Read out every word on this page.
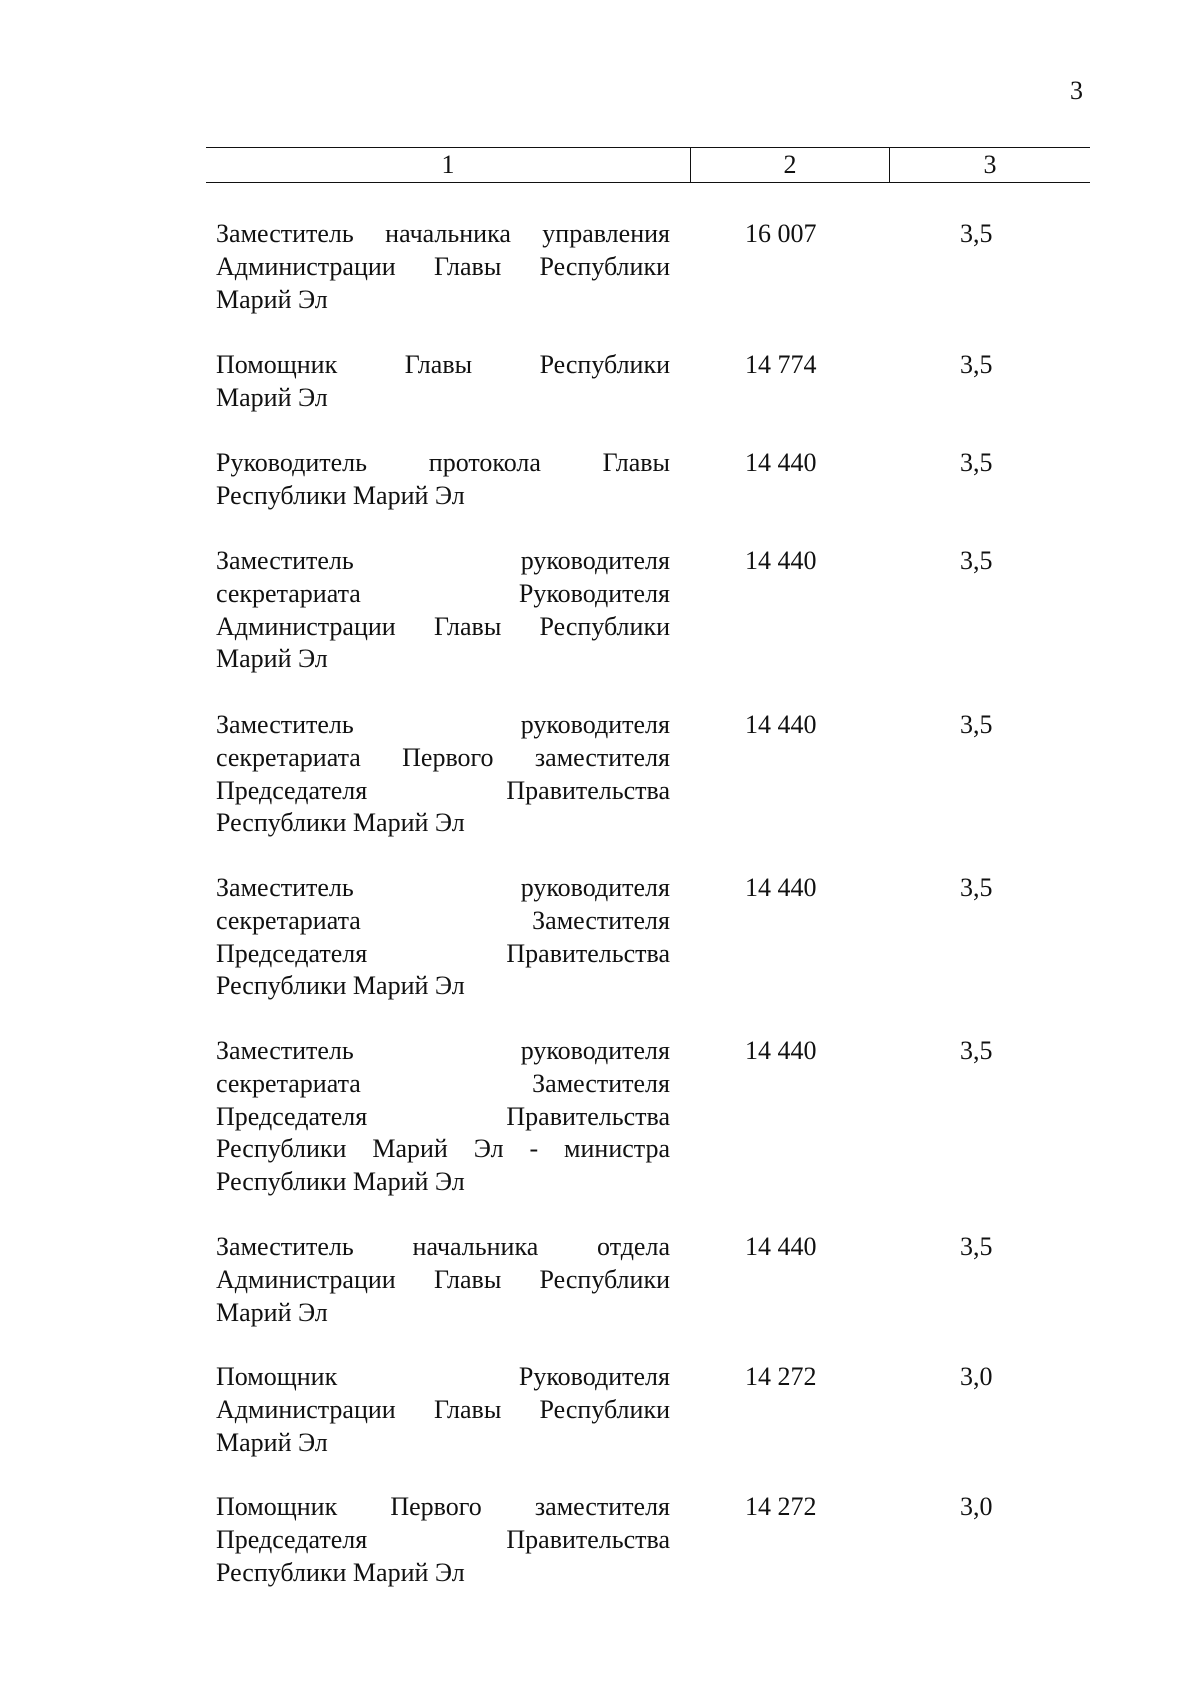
3
1	2	3
Заместитель начальника управления
Администрации Главы Республики
Марий Эл
16 007	3,5
Помощник Главы Республики
Марий Эл
14 774	3,5
Руководитель протокола Главы
Республики Марий Эл
14 440	3,5
Заместитель руководителя
секретариата Руководителя
Администрации Главы Республики
Марий Эл
14 440	3,5
Заместитель руководителя
секретариата Первого заместителя
Председателя Правительства
Республики Марий Эл
14 440	3,5
Заместитель руководителя
секретариата Заместителя
Председателя Правительства
Республики Марий Эл
14 440	3,5
Заместитель руководителя
секретариата Заместителя
Председателя Правительства
Республики Марий Эл - министра
Республики Марий Эл
14 440	3,5
Заместитель начальника отдела
Администрации Главы Республики
Марий Эл
14 440	3,5
Помощник Руководителя
Администрации Главы Республики
Марий Эл
14 272	3,0
Помощник Первого заместителя
Председателя Правительства
Республики Марий Эл
14 272	3,0
